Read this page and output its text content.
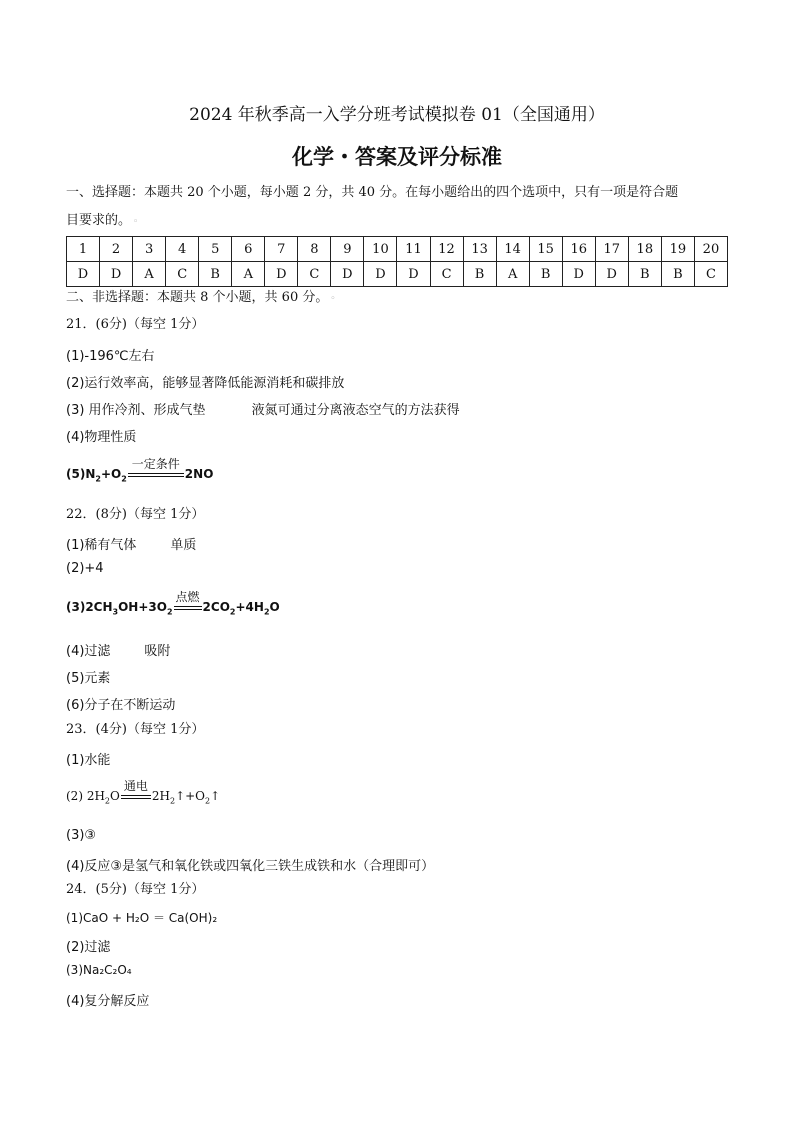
2024 年秋季高一入学分班考试模拟卷 01（全国通用）
化学・答案及评分标准
一、选择题：本题共 20 个小题，每小题 2 分，共 40 分。在每小题给出的四个选项中，只有一项是符合题
目要求的。 ◦
1	2	3	4	5	6	7	8	9	10	11	12	13	14	15	16	17	18	19	20
D	D	A	C	B	A	D	C	D	D	D	C	B	A	B	D	D	B	B	C
二、非选择题：本题共 8 个小题，共 60 分。 ◦
21．(6分)（每空 1分）
(1)-196℃左右
(2)运行效率高，能够显著降低能源消耗和碳排放
(3) 用作冷剂、形成气垫	液氮可通过分离液态空气的方法获得
(4)物理性质
$(5)N_2+O_2$
一定条件
2NO
22．(8分)（每空 1分）
(1)稀有气体	单质
(2)+4
$(3)2CH_3OH+3O_2$
点燃
$2CO_2+4H_2O$
(4)过滤	吸附
(5)元素
(6)分子在不断运动
23．(4分)（每空 1分）
(1)水能
(2) $2H_2O$
通电
$2H_2↑+O_2↑$
(3)③
(4)反应③是氢气和氧化铁或四氧化三铁生成铁和水（合理即可）
24．(5分)（每空 1分）
(1)CaO + H₂O ＝ Ca(OH)₂
(2)过滤
(3)Na₂C₂O₄
(4)复分解反应
